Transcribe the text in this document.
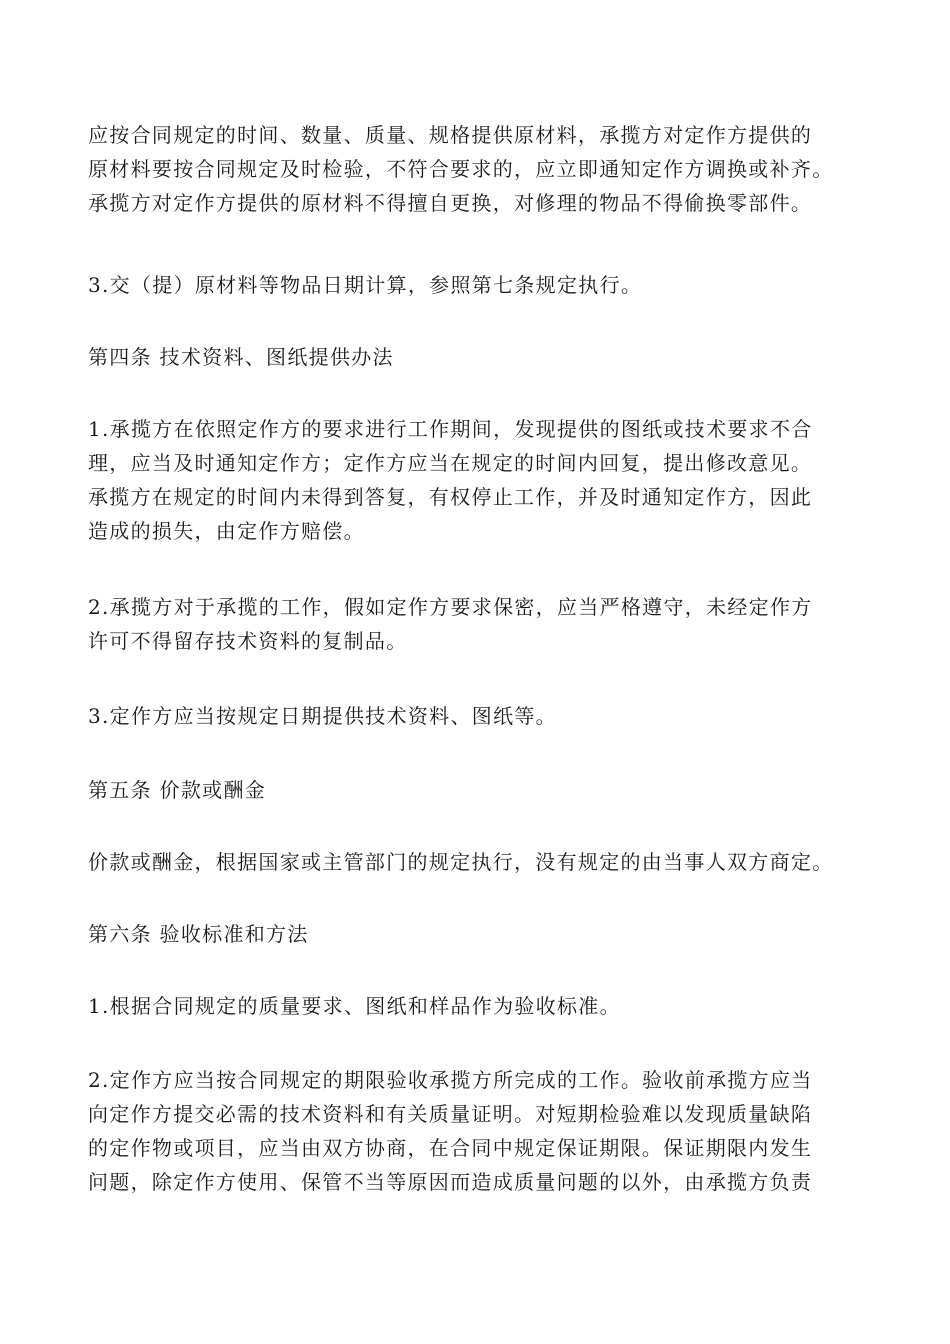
应按合同规定的时间、数量、质量、规格提供原材料，承揽方对定作方提供的
原材料要按合同规定及时检验，不符合要求的，应立即通知定作方调换或补齐。
承揽方对定作方提供的原材料不得擅自更换，对修理的物品不得偷换零部件。
3.交（提）原材料等物品日期计算，参照第七条规定执行。
第四条 技术资料、图纸提供办法
1.承揽方在依照定作方的要求进行工作期间，发现提供的图纸或技术要求不合
理，应当及时通知定作方；定作方应当在规定的时间内回复，提出修改意见。
承揽方在规定的时间内未得到答复，有权停止工作，并及时通知定作方，因此
造成的损失，由定作方赔偿。
2.承揽方对于承揽的工作，假如定作方要求保密，应当严格遵守，未经定作方
许可不得留存技术资料的复制品。
3.定作方应当按规定日期提供技术资料、图纸等。
第五条 价款或酬金
价款或酬金，根据国家或主管部门的规定执行，没有规定的由当事人双方商定。
第六条 验收标准和方法
1.根据合同规定的质量要求、图纸和样品作为验收标准。
2.定作方应当按合同规定的期限验收承揽方所完成的工作。验收前承揽方应当
向定作方提交必需的技术资料和有关质量证明。对短期检验难以发现质量缺陷
的定作物或项目，应当由双方协商，在合同中规定保证期限。保证期限内发生
问题，除定作方使用、保管不当等原因而造成质量问题的以外，由承揽方负责
